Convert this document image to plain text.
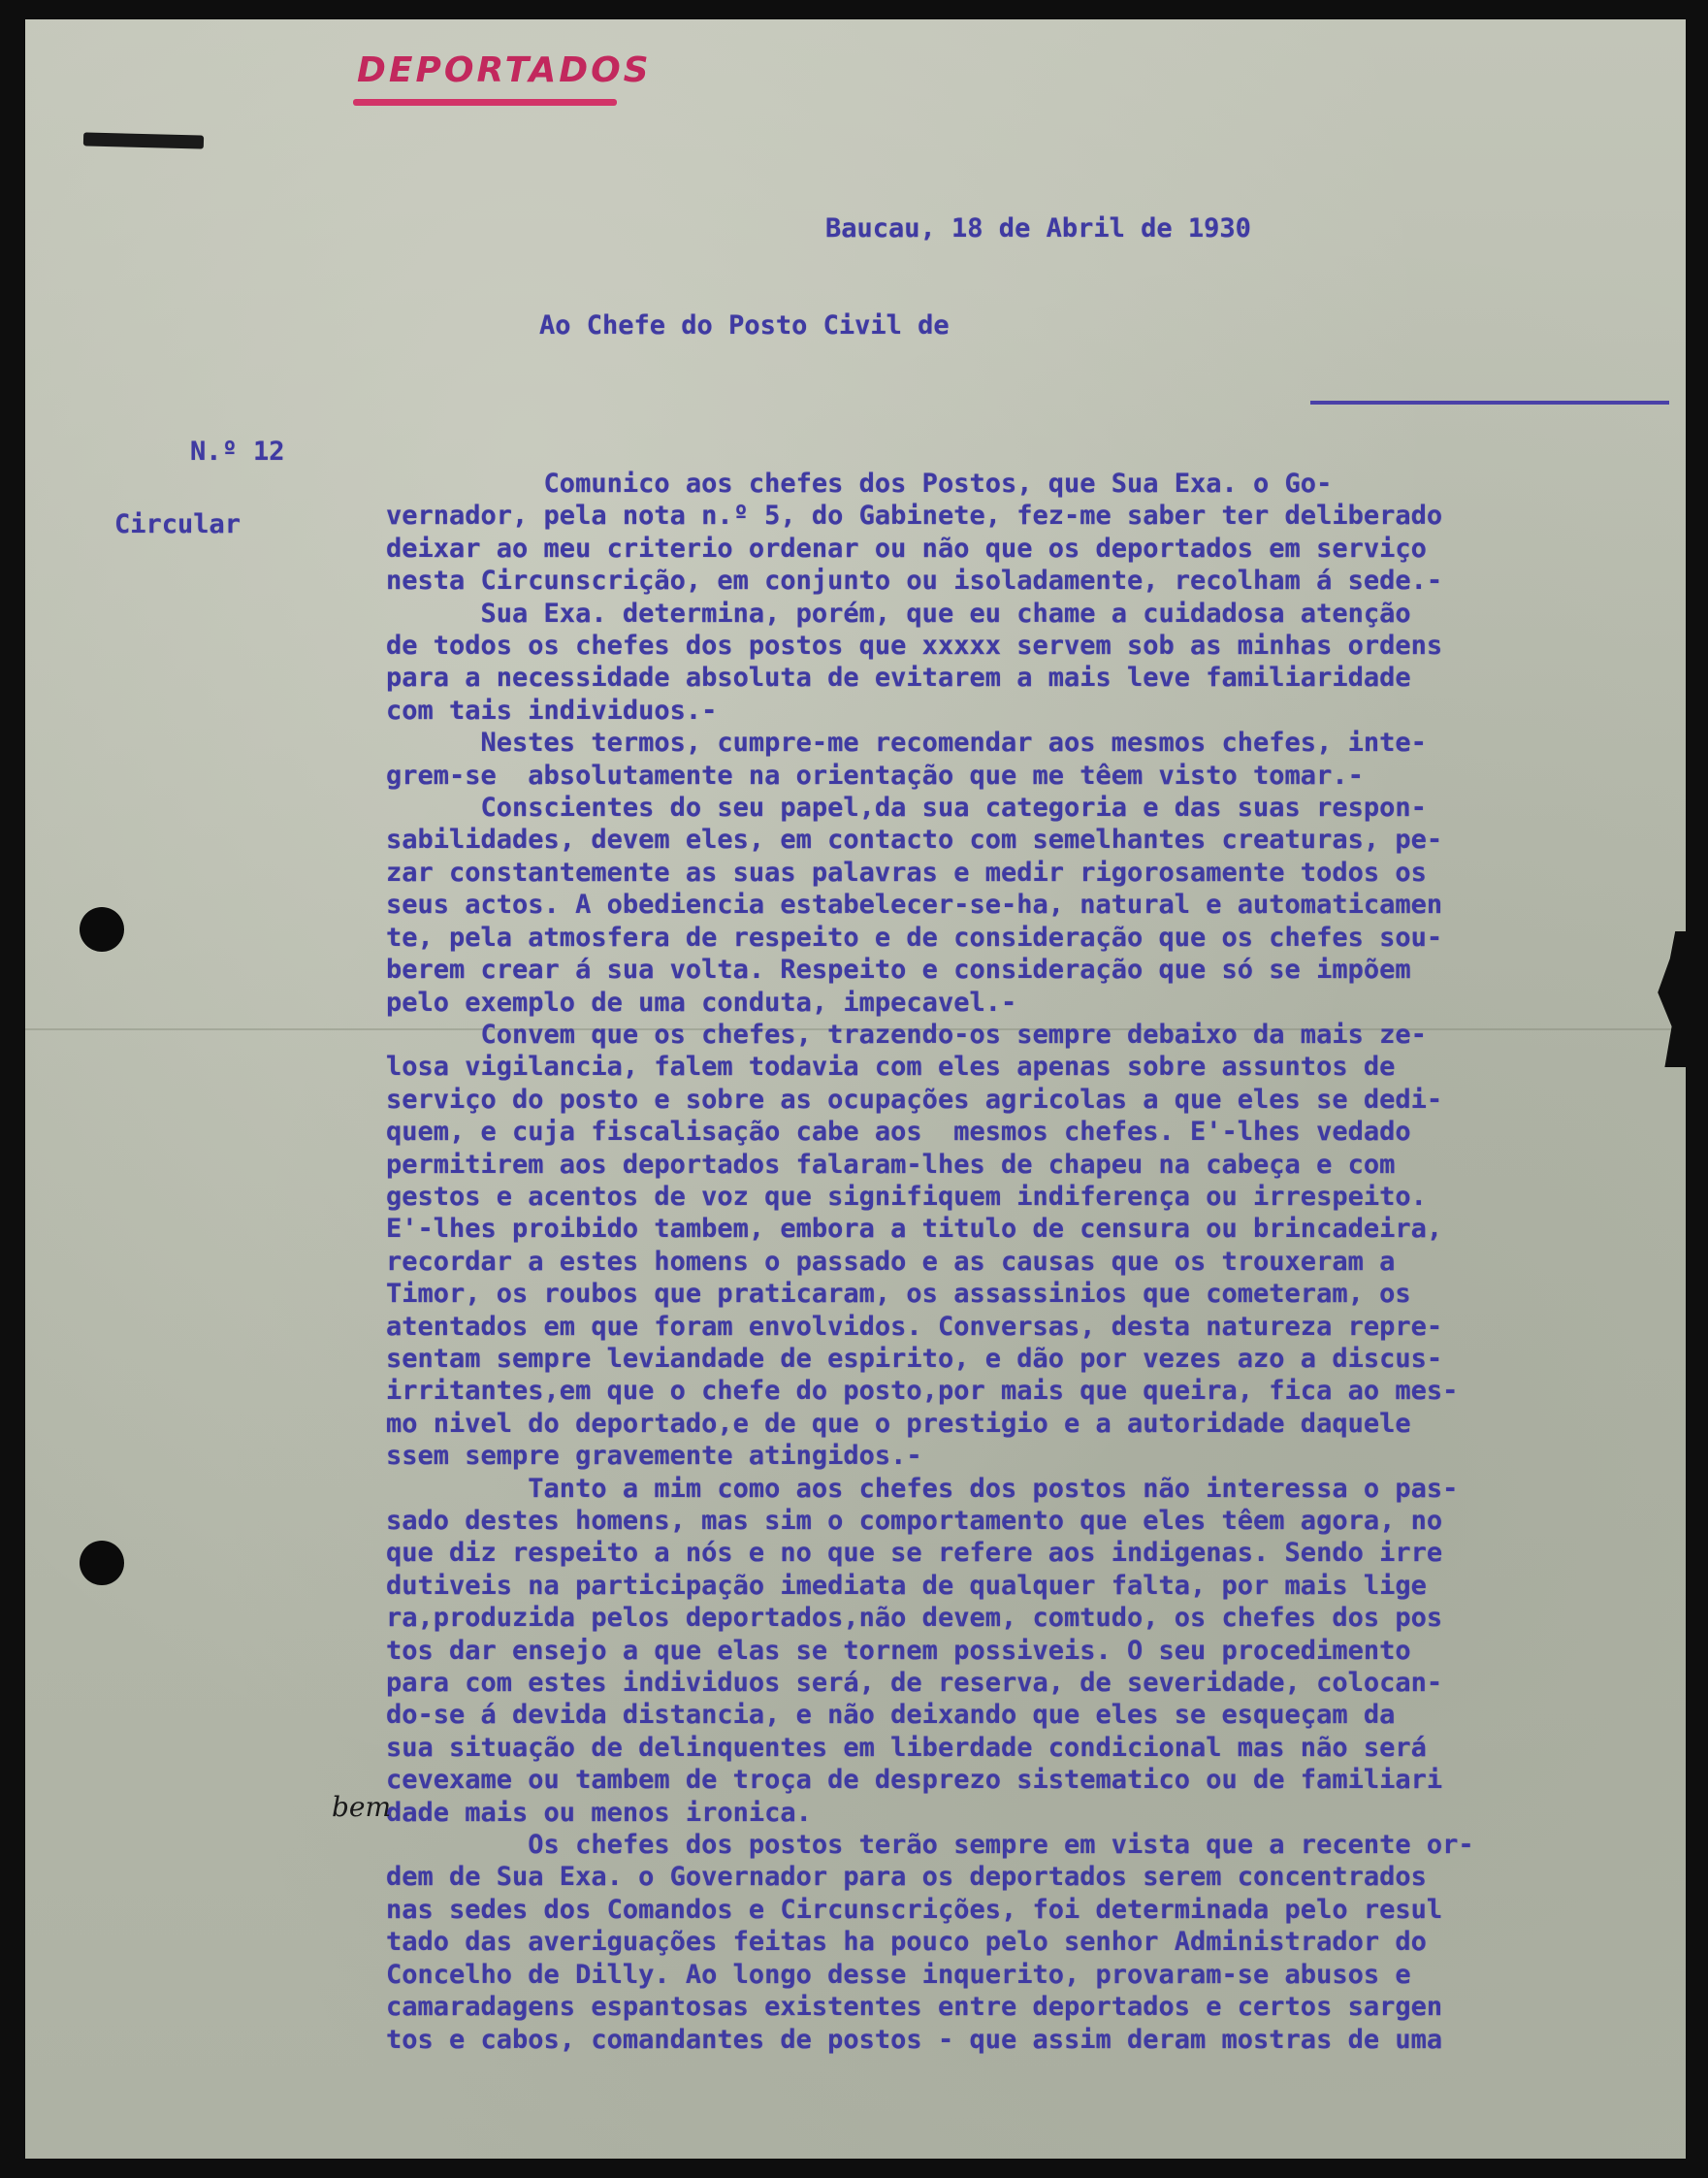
DEPORTADOS
Baucau, 18 de Abril de 1930
Ao Chefe do Posto Civil de
N.º 12
Circular

Comunico aos chefes dos Postos, que Sua Exa. o Go-

vernador, pela nota n.º 5, do Gabinete, fez-me saber ter deliberado

deixar ao meu criterio ordenar ou não que os deportados em serviço

nesta Circunscrição, em conjunto ou isoladamente, recolham á sede.-

Sua Exa. determina, porém, que eu chame a cuidadosa atenção

de todos os chefes dos postos que xxxxx servem sob as minhas ordens

para a necessidade absoluta de evitarem a mais leve familiaridade

com tais individuos.-

Nestes termos, cumpre-me recomendar aos mesmos chefes, inte-

grem-se  absolutamente na orientação que me têem visto tomar.-

Conscientes do seu papel,da sua categoria e das suas respon-

sabilidades, devem eles, em contacto com semelhantes creaturas, pe-

zar constantemente as suas palavras e medir rigorosamente todos os

seus actos. A obediencia estabelecer-se-ha, natural e automaticamen

te, pela atmosfera de respeito e de consideração que os chefes sou-

berem crear á sua volta. Respeito e consideração que só se impõem

pelo exemplo de uma conduta, impecavel.-

Convem que os chefes, trazendo-os sempre debaixo da mais ze-

losa vigilancia, falem todavia com eles apenas sobre assuntos de

serviço do posto e sobre as ocupações agricolas a que eles se dedi-

quem, e cuja fiscalisação cabe aos  mesmos chefes. E'-lhes vedado

permitirem aos deportados falaram-lhes de chapeu na cabeça e com

gestos e acentos de voz que signifiquem indiferença ou irrespeito.

E'-lhes proibido tambem, embora a titulo de censura ou brincadeira,

recordar a estes homens o passado e as causas que os trouxeram a

Timor, os roubos que praticaram, os assassinios que cometeram, os

atentados em que foram envolvidos. Conversas, desta natureza repre-

sentam sempre leviandade de espirito, e dão por vezes azo a discus-

irritantes,em que o chefe do posto,por mais que queira, fica ao mes-

mo nivel do deportado,e de que o prestigio e a autoridade daquele

ssem sempre gravemente atingidos.-

Tanto a mim como aos chefes dos postos não interessa o pas-

sado destes homens, mas sim o comportamento que eles têem agora, no

que diz respeito a nós e no que se refere aos indigenas. Sendo irre

dutiveis na participação imediata de qualquer falta, por mais lige

ra,produzida pelos deportados,não devem, comtudo, os chefes dos pos

tos dar ensejo a que elas se tornem possiveis. O seu procedimento

para com estes individuos será, de reserva, de severidade, colocan-

do-se á devida distancia, e não deixando que eles se esqueçam da

sua situação de delinquentes em liberdade condicional mas não será

cevexame ou tambem de troça de desprezo sistematico ou de familiari

dade mais ou menos ironica.

Os chefes dos postos terão sempre em vista que a recente or-

dem de Sua Exa. o Governador para os deportados serem concentrados

nas sedes dos Comandos e Circunscrições, foi determinada pelo resul

tado das averiguações feitas ha pouco pelo senhor Administrador do

Concelho de Dilly. Ao longo desse inquerito, provaram-se abusos e

camaradagens espantosas existentes entre deportados e certos sargen

tos e cabos, comandantes de postos - que assim deram mostras de uma

bem
